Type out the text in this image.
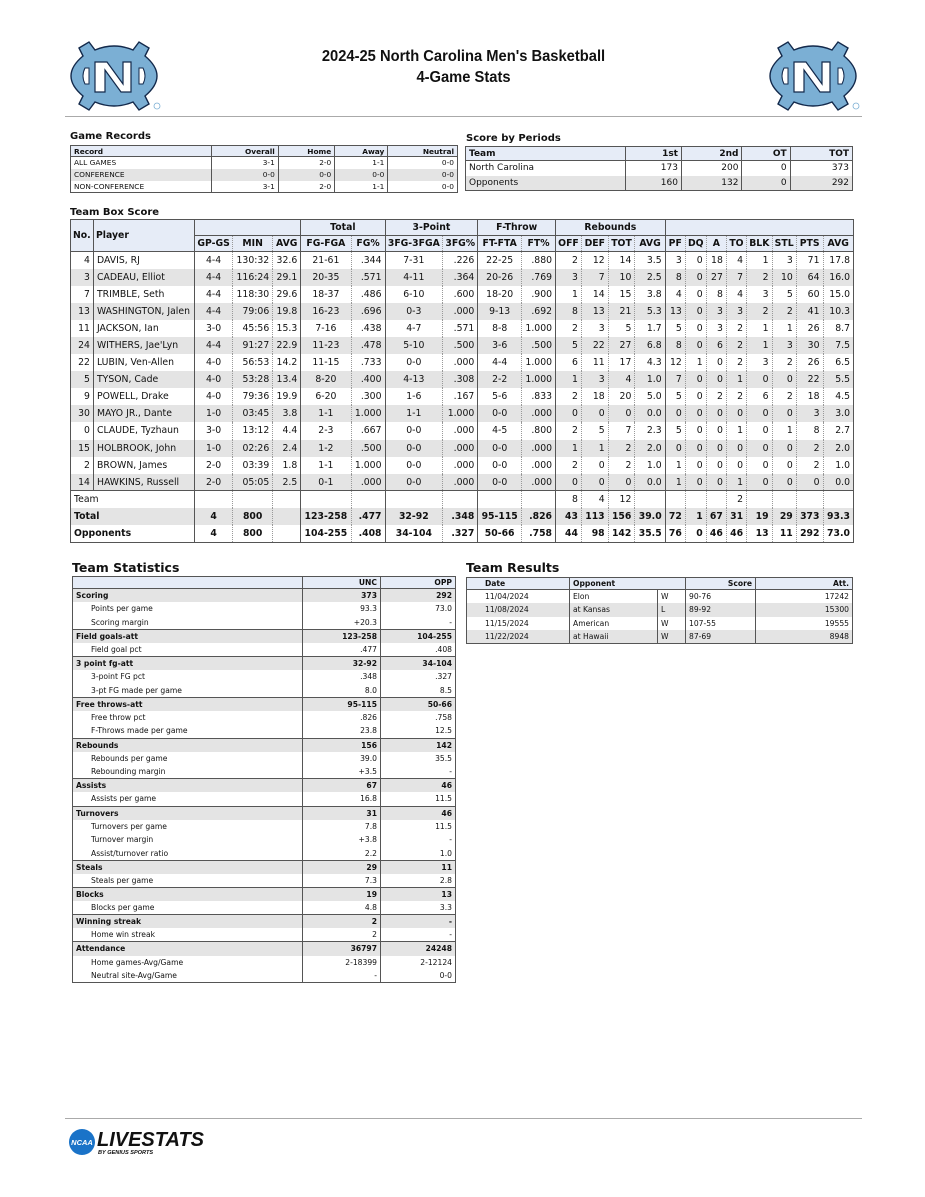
2024-25 North Carolina Men's Basketball
4-Game Stats
Game Records
Record	Overall	Home	Away	Neutral
ALL GAMES	3-1	2-0	1-1	0-0
CONFERENCE	0-0	0-0	0-0	0-0
NON-CONFERENCE	3-1	2-0	1-1	0-0
Score by Periods
Team	1st	2nd	OT	TOT
North Carolina	173	200	0	373
Opponents	160	132	0	292
Team Box Score
No.	Player				Total		3-Point		F-Throw		Rebounds											
		GP-GS	MIN	AVG	FG-FGA	FG%	3FG-3FGA	3FG%	FT-FTA	FT%	OFF	DEF	TOT	AVG	PF	DQ	A	TO	BLK	STL	PTS	AVG
4	DAVIS, RJ	4-4	130:32	32.6	21-61	.344	7-31	.226	22-25	.880	2	12	14	3.5	3	0	18	4	1	3	71	17.8
3	CADEAU, Elliot	4-4	116:24	29.1	20-35	.571	4-11	.364	20-26	.769	3	7	10	2.5	8	0	27	7	2	10	64	16.0
7	TRIMBLE, Seth	4-4	118:30	29.6	18-37	.486	6-10	.600	18-20	.900	1	14	15	3.8	4	0	8	4	3	5	60	15.0
13	WASHINGTON, Jalen	4-4	79:06	19.8	16-23	.696	0-3	.000	9-13	.692	8	13	21	5.3	13	0	3	3	2	2	41	10.3
11	JACKSON, Ian	3-0	45:56	15.3	7-16	.438	4-7	.571	8-8	1.000	2	3	5	1.7	5	0	3	2	1	1	26	8.7
24	WITHERS, Jae'Lyn	4-4	91:27	22.9	11-23	.478	5-10	.500	3-6	.500	5	22	27	6.8	8	0	6	2	1	3	30	7.5
22	LUBIN, Ven-Allen	4-0	56:53	14.2	11-15	.733	0-0	.000	4-4	1.000	6	11	17	4.3	12	1	0	2	3	2	26	6.5
5	TYSON, Cade	4-0	53:28	13.4	8-20	.400	4-13	.308	2-2	1.000	1	3	4	1.0	7	0	0	1	0	0	22	5.5
9	POWELL, Drake	4-0	79:36	19.9	6-20	.300	1-6	.167	5-6	.833	2	18	20	5.0	5	0	2	2	6	2	18	4.5
30	MAYO JR., Dante	1-0	03:45	3.8	1-1	1.000	1-1	1.000	0-0	.000	0	0	0	0.0	0	0	0	0	0	0	3	3.0
0	CLAUDE, Tyzhaun	3-0	13:12	4.4	2-3	.667	0-0	.000	4-5	.800	2	5	7	2.3	5	0	0	1	0	1	8	2.7
15	HOLBROOK, John	1-0	02:26	2.4	1-2	.500	0-0	.000	0-0	.000	1	1	2	2.0	0	0	0	0	0	0	2	2.0
2	BROWN, James	2-0	03:39	1.8	1-1	1.000	0-0	.000	0-0	.000	2	0	2	1.0	1	0	0	0	0	0	2	1.0
14	HAWKINS, Russell	2-0	05:05	2.5	0-1	.000	0-0	.000	0-0	.000	0	0	0	0.0	1	0	0	1	0	0	0	0.0
Team											8	4	12					2				
Total		4	800		123-258	.477	32-92	.348	95-115	.826	43	113	156	39.0	72	1	67	31	19	29	373	93.3
Opponents		4	800		104-255	.408	34-104	.327	50-66	.758	44	98	142	35.5	76	0	46	46	13	11	292	73.0
Team Statistics
	UNC	OPP
Scoring	373	292
Points per game	93.3	73.0
Scoring margin	+20.3	-
Field goals-att	123-258	104-255
Field goal pct	.477	.408
3 point fg-att	32-92	34-104
3-point FG pct	.348	.327
3-pt FG made per game	8.0	8.5
Free throws-att	95-115	50-66
Free throw pct	.826	.758
F-Throws made per game	23.8	12.5
Rebounds	156	142
Rebounds per game	39.0	35.5
Rebounding margin	+3.5	-
Assists	67	46
Assists per game	16.8	11.5
Turnovers	31	46
Turnovers per game	7.8	11.5
Turnover margin	+3.8	-
Assist/turnover ratio	2.2	1.0
Steals	29	11
Steals per game	7.3	2.8
Blocks	19	13
Blocks per game	4.8	3.3
Winning streak	2	-
Home win streak	2	-
Attendance	36797	24248
Home games-Avg/Game	2-18399	2-12124
Neutral site-Avg/Game	-	0-0
Team Results
Date	Opponent		Score	Att.
11/04/2024	Elon	W	90-76	17242
11/08/2024	at Kansas	L	89-92	15300
11/15/2024	American	W	107-55	19555
11/22/2024	at Hawaii	W	87-69	8948
NCAA LIVESTATS
BY GENIUS SPORTS
